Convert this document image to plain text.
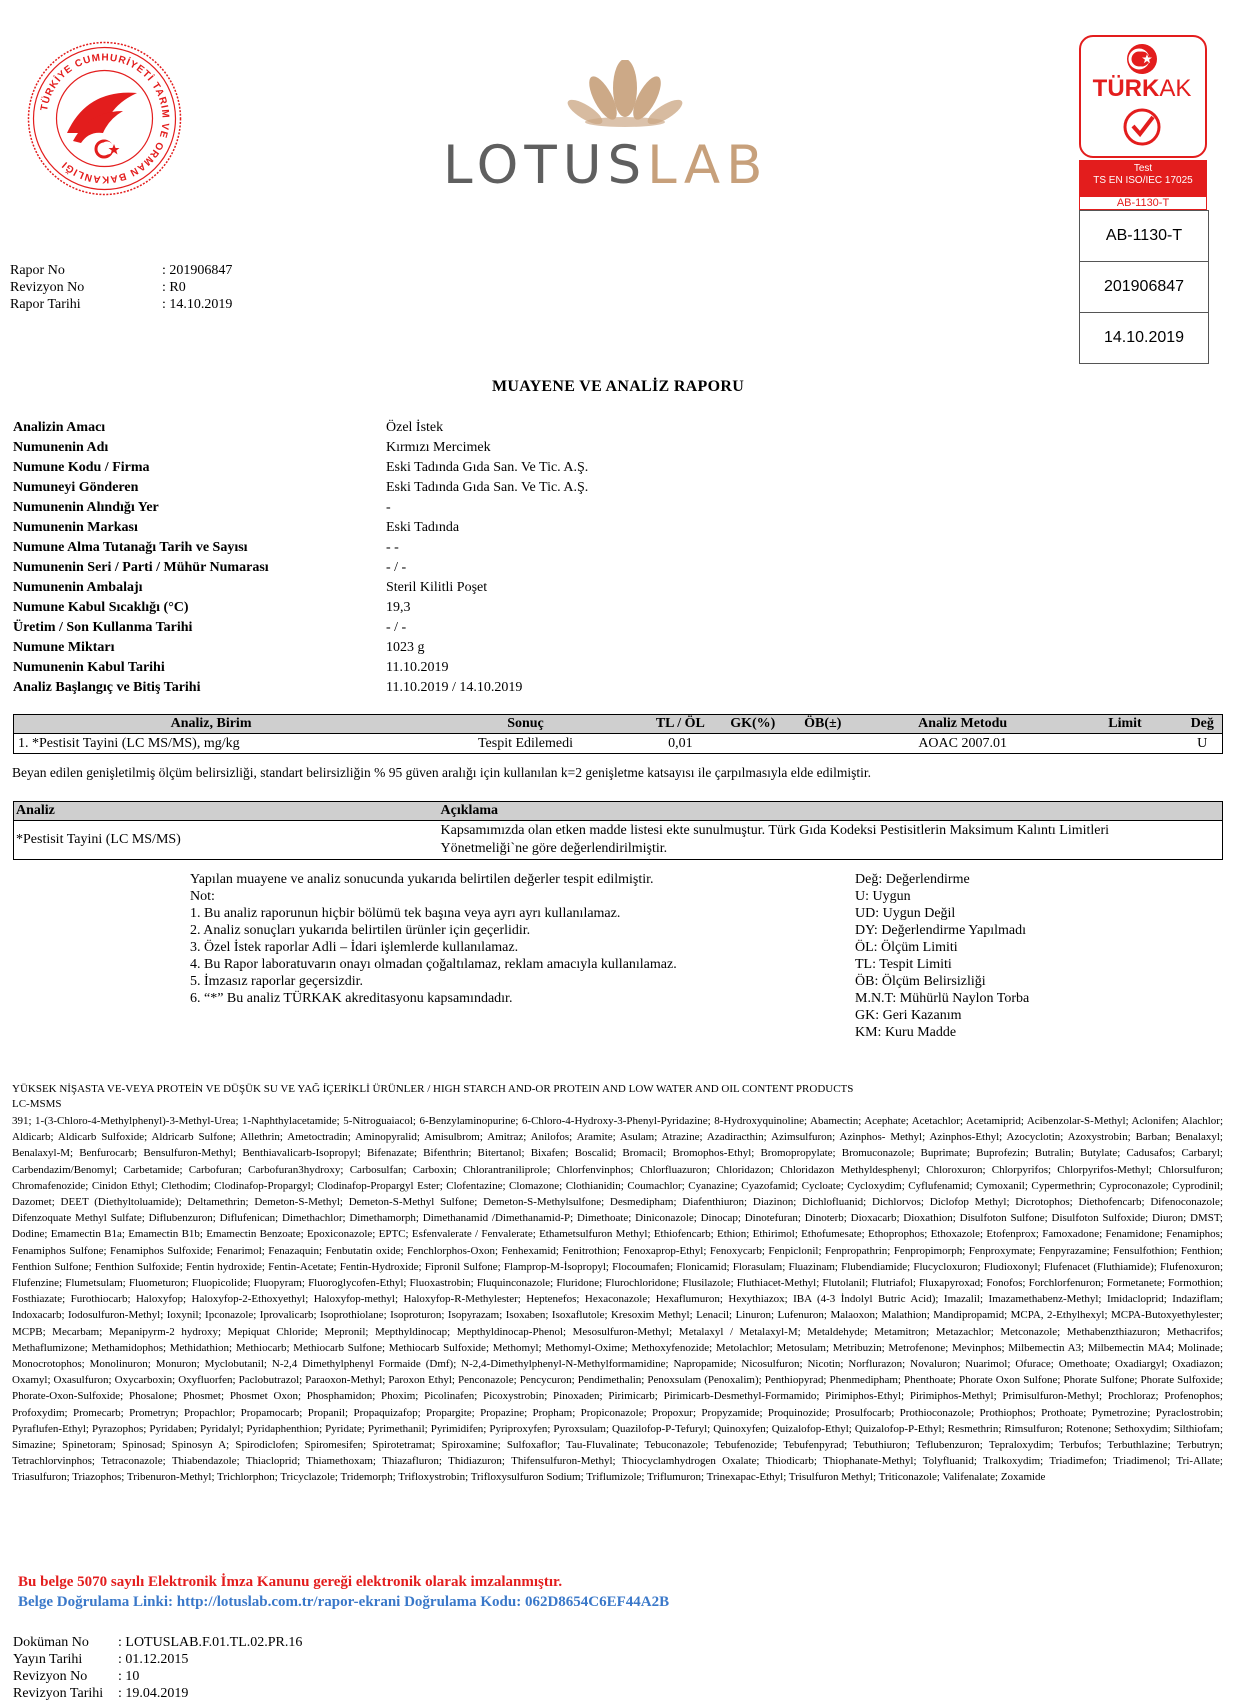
TÜRKİYE CUMHURİYETİ TARIM VE ORMAN BAKANLIĞI	LOTUSLAB
TÜRKAK
Test
TS EN ISO/IEC 17025
AB-1130-T
AB-1130-T
201906847
14.10.2019
Rapor No	: 201906847
Revizyon No	: R0
Rapor Tarihi	: 14.10.2019
MUAYENE VE ANALİZ RAPORU
Analizin Amacı	Özel İstek
Numunenin Adı	Kırmızı Mercimek
Numune Kodu / Firma	Eski Tadında Gıda San. Ve Tic. A.Ş.
Numuneyi Gönderen	Eski Tadında Gıda San. Ve Tic. A.Ş.
Numunenin Alındığı Yer	-
Numunenin Markası	Eski Tadında
Numune Alma Tutanağı Tarih ve Sayısı	- -
Numunenin Seri / Parti / Mühür Numarası	- / -
Numunenin Ambalajı	Steril Kilitli Poşet
Numune Kabul Sıcaklığı (°C)	19,3
Üretim / Son Kullanma Tarihi	- / -
Numune Miktarı	1023 g
Numunenin Kabul Tarihi	11.10.2019
Analiz Başlangıç ve Bitiş Tarihi	11.10.2019 / 14.10.2019
Analiz, Birim	Sonuç	TL / ÖL	GK(%)	ÖB(±)	Analiz Metodu	Limit	Değ
1. *Pestisit Tayini (LC MS/MS), mg/kg	Tespit Edilemedi	0,01			AOAC 2007.01		U
Beyan edilen genişletilmiş ölçüm belirsizliği, standart belirsizliğin % 95 güven aralığı için kullanılan k=2 genişletme katsayısı ile çarpılmasıyla elde edilmiştir.
Analiz	Açıklama
*Pestisit Tayini (LC MS/MS)	Kapsamımızda olan etken madde listesi ekte sunulmuştur. Türk Gıda Kodeksi Pestisitlerin Maksimum Kalıntı Limitleri
Yönetmeliği`ne göre değerlendirilmiştir.
Yapılan muayene ve analiz sonucunda yukarıda belirtilen değerler tespit edilmiştir.
Not:
1. Bu analiz raporunun hiçbir bölümü tek başına veya ayrı ayrı kullanılamaz.
2. Analiz sonuçları yukarıda belirtilen ürünler için geçerlidir.
3. Özel İstek raporlar Adli – İdari işlemlerde kullanılamaz.
4. Bu Rapor laboratuvarın onayı olmadan çoğaltılamaz, reklam amacıyla kullanılamaz.
5. İmzasız raporlar geçersizdir.
6. “*” Bu analiz TÜRKAK akreditasyonu kapsamındadır.
Değ: Değerlendirme
U: Uygun
UD: Uygun Değil
DY: Değerlendirme Yapılmadı
ÖL: Ölçüm Limiti
TL: Tespit Limiti
ÖB: Ölçüm Belirsizliği
M.N.T: Mühürlü Naylon Torba
GK: Geri Kazanım
KM: Kuru Madde
YÜKSEK NİŞASTA VE-VEYA PROTEİN VE DÜŞÜK SU VE YAĞ İÇERİKLİ ÜRÜNLER / HIGH STARCH AND-OR PROTEIN AND LOW WATER AND OIL CONTENT PRODUCTS
LC-MSMS
391; 1-(3-Chloro-4-Methylphenyl)-3-Methyl-Urea; 1-Naphthylacetamide; 5-Nitroguaiacol; 6-Benzylaminopurine; 6-Chloro-4-Hydroxy-3-Phenyl-Pyridazine; 8-Hydroxyquinoline; Abamectin; Acephate; Acetachlor; Acetamiprid; Acibenzolar-S-Methyl; Aclonifen; Alachlor; Aldicarb; Aldicarb Sulfoxide; Aldricarb Sulfone; Allethrin; Ametoctradin; Aminopyralid; Amisulbrom; Amitraz; Anilofos; Aramite; Asulam; Atrazine; Azadiracthin; Azimsulfuron; Azinphos- Methyl; Azinphos-Ethyl; Azocyclotin; Azoxystrobin; Barban; Benalaxyl; Benalaxyl-M; Benfurocarb; Bensulfuron-Methyl; Benthiavalicarb-Isopropyl; Bifenazate; Bifenthrin; Bitertanol; Bixafen; Boscalid; Bromacil; Bromophos-Ethyl; Bromopropylate; Bromuconazole; Buprimate; Buprofezin; Butralin; Butylate; Cadusafos; Carbaryl; Carbendazim/Benomyl; Carbetamide; Carbofuran; Carbofuran3hydroxy; Carbosulfan; Carboxin; Chlorantraniliprole; Chlorfenvinphos; Chlorfluazuron; Chloridazon; Chloridazon Methyldesphenyl; Chloroxuron; Chlorpyrifos; Chlorpyrifos-Methyl; Chlorsulfuron; Chromafenozide; Cinidon Ethyl; Clethodim; Clodinafop-Propargyl; Clodinafop-Propargyl Ester; Clofentazine; Clomazone; Clothianidin; Coumachlor; Cyanazine; Cyazofamid; Cycloate; Cycloxydim; Cyflufenamid; Cymoxanil; Cypermethrin; Cyproconazole; Cyprodinil; Dazomet; DEET (Diethyltoluamide); Deltamethrin; Demeton-S-Methyl; Demeton-S-Methyl Sulfone; Demeton-S-Methylsulfone; Desmedipham; Diafenthiuron; Diazinon; Dichlofluanid; Dichlorvos; Diclofop Methyl; Dicrotophos; Diethofencarb; Difenoconazole; Difenzoquate Methyl Sulfate; Diflubenzuron; Diflufenican; Dimethachlor; Dimethamorph; Dimethanamid /Dimethanamid-P; Dimethoate; Diniconazole; Dinocap; Dinotefuran; Dinoterb; Dioxacarb; Dioxathion; Disulfoton Sulfone; Disulfoton Sulfoxide; Diuron; DMST; Dodine; Emamectin B1a; Emamectin B1b; Emamectin Benzoate; Epoxiconazole; EPTC; Esfenvalerate / Fenvalerate; Ethametsulfuron Methyl; Ethiofencarb; Ethion; Ethirimol; Ethofumesate; Ethoprophos; Ethoxazole; Etofenprox; Famoxadone; Fenamidone; Fenamiphos; Fenamiphos Sulfone; Fenamiphos Sulfoxide; Fenarimol; Fenazaquin; Fenbutatin oxide; Fenchlorphos-Oxon; Fenhexamid; Fenitrothion; Fenoxaprop-Ethyl; Fenoxycarb; Fenpiclonil; Fenpropathrin; Fenpropimorph; Fenproxymate; Fenpyrazamine; Fensulfothion; Fenthion; Fenthion Sulfone; Fenthion Sulfoxide; Fentin hydroxide; Fentin-Acetate; Fentin-Hydroxide; Fipronil Sulfone; Flamprop-M-İsopropyl; Flocoumafen; Flonicamid; Florasulam; Fluazinam; Flubendiamide; Flucycloxuron; Fludioxonyl; Flufenacet (Fluthiamide); Flufenoxuron; Flufenzine; Flumetsulam; Fluometuron; Fluopicolide; Fluopyram; Fluoroglycofen-Ethyl; Fluoxastrobin; Fluquinconazole; Fluridone; Flurochloridone; Flusilazole; Fluthiacet-Methyl; Flutolanil; Flutriafol; Fluxapyroxad; Fonofos; Forchlorfenuron; Formetanete; Formothion; Fosthiazate; Furothiocarb; Haloxyfop; Haloxyfop-2-Ethoxyethyl; Haloxyfop-methyl; Haloxyfop-R-Methylester; Heptenefos; Hexaconazole; Hexaflumuron; Hexythiazox; IBA (4-3 İndolyl Butric Acid); Imazalil; Imazamethabenz-Methyl; Imidacloprid; Indaziflam; Indoxacarb; Iodosulfuron-Methyl; Ioxynil; Ipconazole; Iprovalicarb; Isoprothiolane; Isoproturon; Isopyrazam; Isoxaben; Isoxaflutole; Kresoxim Methyl; Lenacil; Linuron; Lufenuron; Malaoxon; Malathion; Mandipropamid; MCPA, 2-Ethylhexyl; MCPA-Butoxyethylester; MCPB; Mecarbam; Mepanipyrm-2 hydroxy; Mepiquat Chloride; Mepronil; Mepthyldinocap; Mepthyldinocap-Phenol; Mesosulfuron-Methyl; Metalaxyl / Metalaxyl-M; Metaldehyde; Metamitron; Metazachlor; Metconazole; Methabenzthiazuron; Methacrifos; Methaflumizone; Methamidophos; Methidathion; Methiocarb; Methiocarb Sulfone; Methiocarb Sulfoxide; Methomyl; Methomyl-Oxime; Methoxyfenozide; Metolachlor; Metosulam; Metribuzin; Metrofenone; Mevinphos; Milbemectin A3; Milbemectin MA4; Molinade; Monocrotophos; Monolinuron; Monuron; Myclobutanil; N-2,4 Dimethylphenyl Formaide (Dmf); N-2,4-Dimethylphenyl-N-Methylformamidine; Napropamide; Nicosulfuron; Nicotin; Norflurazon; Novaluron; Nuarimol; Ofurace; Omethoate; Oxadiargyl; Oxadiazon; Oxamyl; Oxasulfuron; Oxycarboxin; Oxyfluorfen; Paclobutrazol; Paraoxon-Methyl; Paroxon Ethyl; Penconazole; Pencycuron; Pendimethalin; Penoxsulam (Penoxalim); Penthiopyrad; Phenmedipham; Phenthoate; Phorate Oxon Sulfone; Phorate Sulfone; Phorate Sulfoxide; Phorate-Oxon-Sulfoxide; Phosalone; Phosmet; Phosmet Oxon; Phosphamidon; Phoxim; Picolinafen; Picoxystrobin; Pinoxaden; Pirimicarb; Pirimicarb-Desmethyl-Formamido; Pirimiphos-Ethyl; Pirimiphos-Methyl; Primisulfuron-Methyl; Prochloraz; Profenophos; Profoxydim; Promecarb; Prometryn; Propachlor; Propamocarb; Propanil; Propaquizafop; Propargite; Propazine; Propham; Propiconazole; Propoxur; Propyzamide; Proquinozide; Prosulfocarb; Prothioconazole; Prothiophos; Prothoate; Pymetrozine; Pyraclostrobin; Pyraflufen-Ethyl; Pyrazophos; Pyridaben; Pyridalyl; Pyridaphenthion; Pyridate; Pyrimethanil; Pyrimidifen; Pyriproxyfen; Pyroxsulam; Quazilofop-P-Tefuryl; Quinoxyfen; Quizalofop-Ethyl; Quizalofop-P-Ethyl; Resmethrin; Rimsulfuron; Rotenone; Sethoxydim; Silthiofam; Simazine; Spinetoram; Spinosad; Spinosyn A; Spirodiclofen; Spiromesifen; Spirotetramat; Spiroxamine; Sulfoxaflor; Tau-Fluvalinate; Tebuconazole; Tebufenozide; Tebufenpyrad; Tebuthiuron; Teflubenzuron; Tepraloxydim; Terbufos; Terbuthlazine; Terbutryn; Tetrachlorvinphos; Tetraconazole; Thiabendazole; Thiacloprid; Thiamethoxam; Thiazafluron; Thidiazuron; Thifensulfuron-Methyl; Thiocyclamhydrogen Oxalate; Thiodicarb; Thiophanate-Methyl; Tolyfluanid; Tralkoxydim; Triadimefon; Triadimenol; Tri-Allate; Triasulfuron; Triazophos; Tribenuron-Methyl; Trichlorphon; Tricyclazole; Tridemorph; Trifloxystrobin; Trifloxysulfuron Sodium; Triflumizole; Triflumuron; Trinexapac-Ethyl; Trisulfuron Methyl; Triticonazole; Valifenalate; Zoxamide
Bu belge 5070 sayılı Elektronik İmza Kanunu gereği elektronik olarak imzalanmıştır.
Belge Doğrulama Linki: http://lotuslab.com.tr/rapor-ekrani Doğrulama Kodu: 062D8654C6EF44A2B
Doküman No : LOTUSLAB.F.01.TL.02.PR.16
Yayın Tarihi	: 01.12.2015
Revizyon No : 10
Revizyon Tarihi : 19.04.2019
